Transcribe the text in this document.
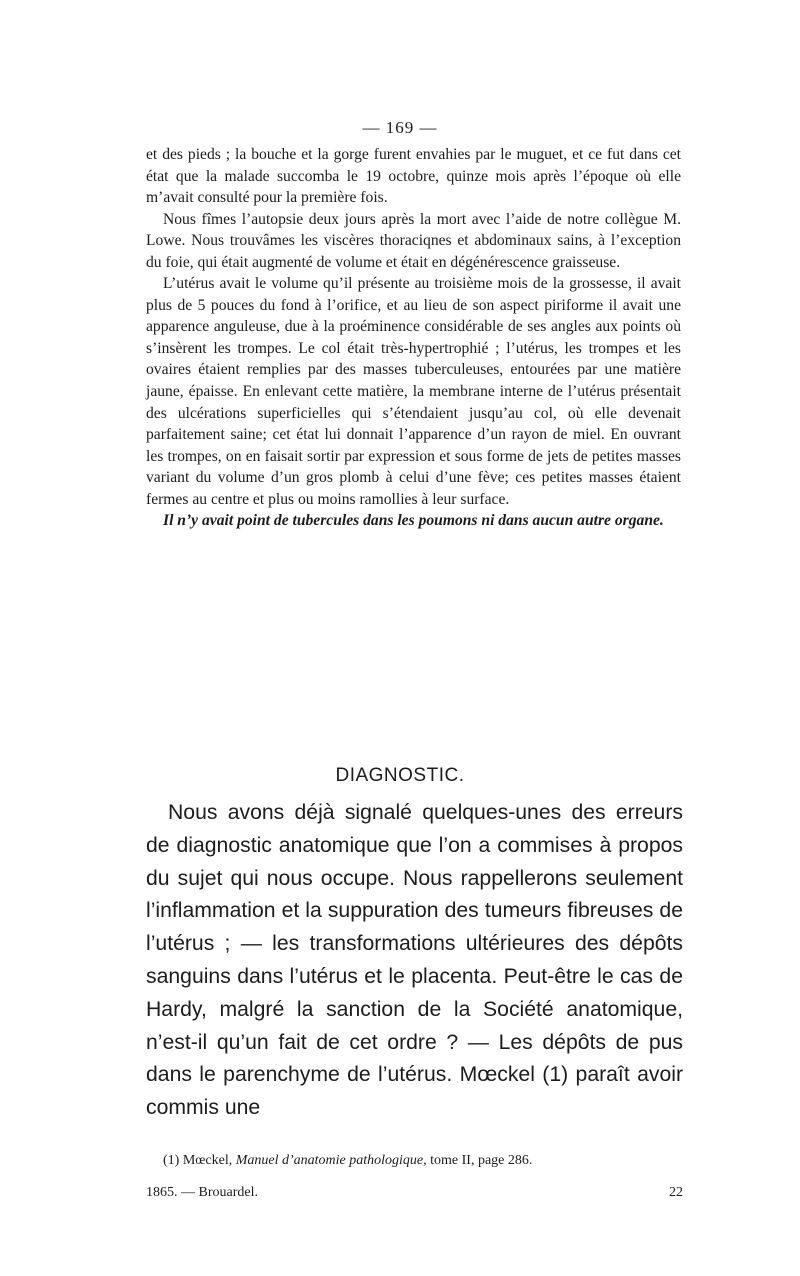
— 169 —

et des pieds ; la bouche et la gorge furent envahies par le muguet, et ce fut dans cet état que la malade succomba le 19 octobre, quinze mois après l’époque où elle m’avait consulté pour la première fois.

Nous fîmes l’autopsie deux jours après la mort avec l’aide de notre collègue M. Lowe. Nous trouvâmes les viscères thoraciqnes et abdominaux sains, à l’exception du foie, qui était augmenté de volume et était en dégénérescence graisseuse.

L’utérus avait le volume qu’il présente au troisième mois de la grossesse, il avait plus de 5 pouces du fond à l’orifice, et au lieu de son aspect piriforme il avait une apparence anguleuse, due à la proéminence considérable de ses angles aux points où s’insèrent les trompes. Le col était très-hypertrophié ; l’utérus, les trompes et les ovaires étaient remplies par des masses tuberculeuses, entourées par une matière jaune, épaisse. En enlevant cette matière, la membrane interne de l’utérus présentait des ulcérations superficielles qui s’étendaient jusqu’au col, où elle devenait parfaitement saine; cet état lui donnait l’apparence d’un rayon de miel. En ouvrant les trompes, on en faisait sortir par expression et sous forme de jets de petites masses variant du volume d’un gros plomb à celui d’une fève; ces petites masses étaient fermes au centre et plus ou moins ramollies à leur surface.

Il n’y avait point de tubercules dans les poumons ni dans aucun autre organe.

DIAGNOSTIC.

Nous avons déjà signalé quelques-unes des erreurs de diagnostic anatomique que l’on a commises à propos du sujet qui nous occupe. Nous rappellerons seulement l’inflammation et la suppuration des tumeurs fibreuses de l’utérus ; — les transformations ultérieures des dépôts sanguins dans l’utérus et le placenta. Peut-être le cas de Hardy, malgré la sanction de la Société anatomique, n’est-il qu’un fait de cet ordre ? — Les dépôts de pus dans le parenchyme de l’utérus. Mœckel (1) paraît avoir commis une

(1) Mœckel, Manuel d’anatomie pathologique, tome II, page 286.
1865. — Brouardel.	22
